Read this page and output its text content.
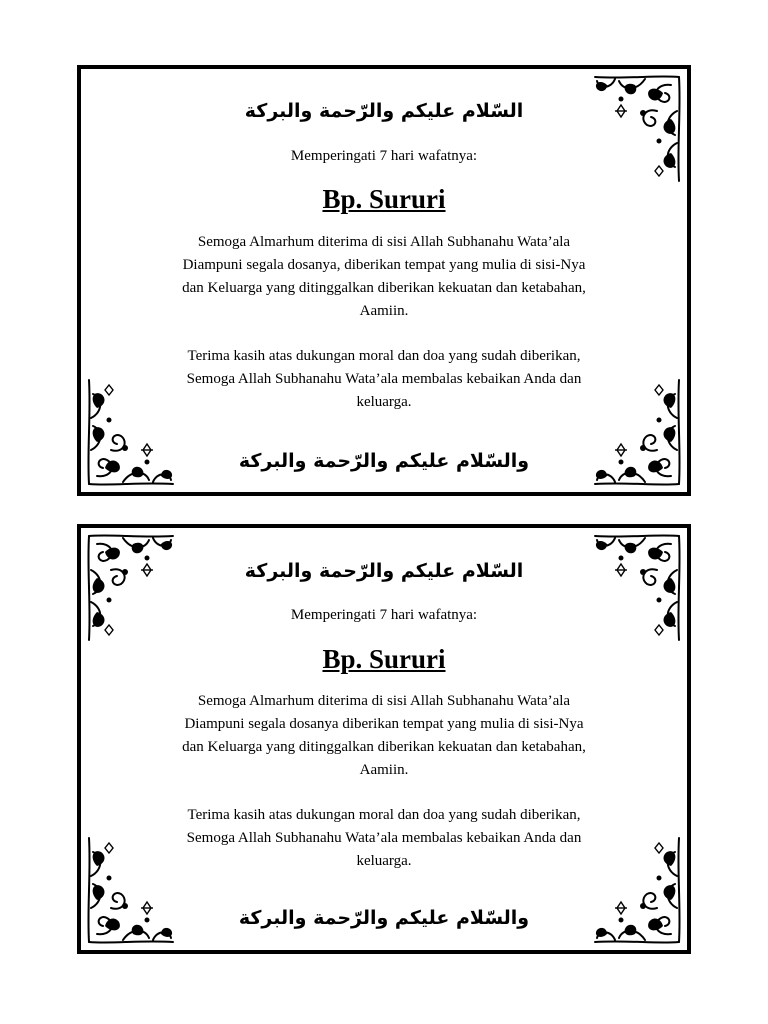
السّلام عليكم والرّحمة والبركة
Memperingati 7 hari wafatnya:
Bp. Sururi
Semoga Almarhum diterima di sisi Allah Subhanahu Wata’ala
Diampuni segala dosanya, diberikan tempat yang mulia di sisi-Nya
dan Keluarga yang ditinggalkan diberikan kekuatan dan ketabahan,
Aamiin.
Terima kasih atas dukungan moral dan doa yang sudah diberikan,
Semoga Allah Subhanahu Wata’ala membalas kebaikan Anda dan
keluarga.
والسّلام عليكم والرّحمة والبركة
السّلام عليكم والرّحمة والبركة
Memperingati 7 hari wafatnya:
Bp. Sururi
Semoga Almarhum diterima di sisi Allah Subhanahu Wata’ala
Diampuni segala dosanya diberikan tempat yang mulia di sisi-Nya
dan Keluarga yang ditinggalkan diberikan kekuatan dan ketabahan,
Aamiin.
Terima kasih atas dukungan moral dan doa yang sudah diberikan,
Semoga Allah Subhanahu Wata’ala membalas kebaikan Anda dan
keluarga.
والسّلام عليكم والرّحمة والبركة
